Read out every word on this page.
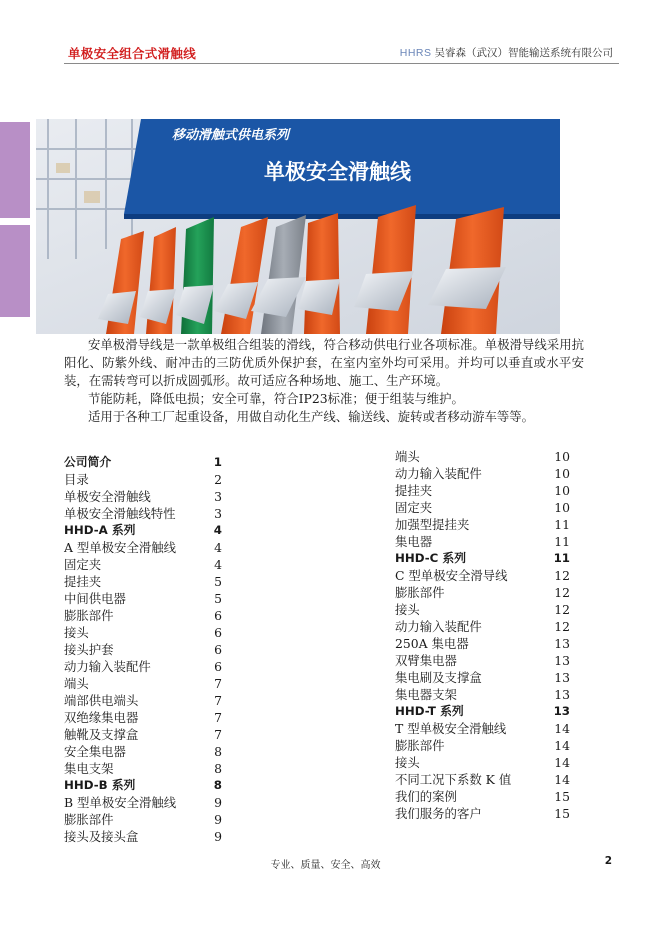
单极安全组合式滑触线	HHRS 吴睿森（武汉）智能输送系统有限公司
移动滑触式供电系列
单极安全滑触线

安单极滑导线是一款单极组合组装的滑线，符合移动供电行业各项标准。单极滑导线采用抗阳化、防紫外线、耐冲击的三防优质外保护套，在室内室外均可采用。并均可以垂直或水平安装，在需转弯可以折成圆弧形。故可适应各种场地、施工、生产环境。

节能防耗，降低电损；安全可靠，符合IP23标准；便于组装与维护。

适用于各种工厂起重设备，用做自动化生产线、输送线、旋转或者移动游车等等。

公司简介	1
目录	2
单极安全滑触线	3
单极安全滑触线特性	3
HHD-A 系列	4
A 型单极安全滑触线	4
固定夹	4
提挂夹	5
中间供电器	5
膨胀部件	6
接头	6
接头护套	6
动力输入装配件	6
端头	7
端部供电端头	7
双绝缘集电器	7
触靴及支撑盒	7
安全集电器	8
集电支架	8
HHD-B 系列	8
B 型单极安全滑触线	9
膨胀部件	9
接头及接头盒	9
端头	10
动力输入装配件	10
提挂夹	10
固定夹	10
加强型提挂夹	11
集电器	11
HHD-C 系列	11
C 型单极安全滑导线	12
膨胀部件	12
接头	12
动力输入装配件	12
250A 集电器	13
双臂集电器	13
集电刷及支撑盒	13
集电器支架	13
HHD-T 系列	13
T 型单极安全滑触线	14
膨胀部件	14
接头	14
不同工况下系数 K 值	14
我们的案例	15
我们服务的客户	15
专业、质量、安全、高效	2
